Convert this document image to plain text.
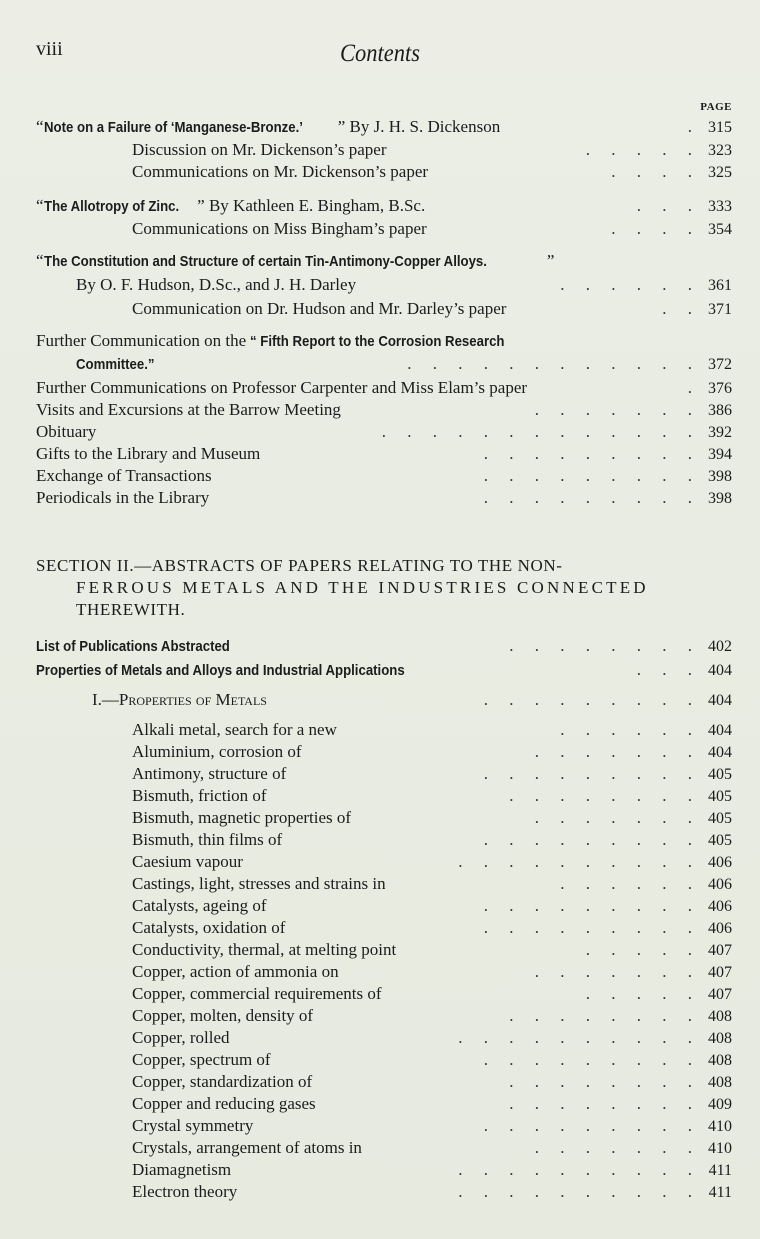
viii	Contents
PAGE
“Note on a Failure of ‘Manganese-Bronze.’ ” By J. H. S. Dickenson	. 315
Discussion on Mr. Dickenson’s paper	.     .     .     .     . 323
Communications on Mr. Dickenson’s paper	.     .     .     . 325
“The Allotropy of Zinc. ” By Kathleen E. Bingham, B.Sc.	.     .     . 333
Communications on Miss Bingham’s paper	.     .     .     . 354
“The Constitution and Structure of certain Tin-Antimony-Copper Alloys.	”
By O. F. Hudson, D.Sc., and J. H. Darley	.     .     .     .     .     . 361
Communication on Dr. Hudson and Mr. Darley’s paper	.     . 371
Further Communication on the “ Fifth Report to the Corrosion Research
Committee.”	.     .     .     .     .     .     .     .     .     .     .     . 372
Further Communications on Professor Carpenter and Miss Elam’s paper	. 376
Visits and Excursions at the Barrow Meeting	.     .     .     .     .     .     . 386
Obituary	.     .     .     .     .     .     .     .     .     .     .     .     . 392
Gifts to the Library and Museum	.     .     .     .     .     .     .     .     . 394
Exchange of Transactions	.     .     .     .     .     .     .     .     . 398
Periodicals in the Library	.     .     .     .     .     .     .     .     . 398
SECTION II.—ABSTRACTS OF PAPERS RELATING TO THE NON-
FERROUS METALS AND THE INDUSTRIES CONNECTED
THEREWITH.
List of Publications Abstracted	.     .     .     .     .     .     .     . 402
Properties of Metals and Alloys and Industrial Applications	.     .     . 404
I.—Properties of Metals	.     .     .     .     .     .     .     .     . 404
Alkali metal, search for a new	.     .     .     .     .     . 404
Aluminium, corrosion of	.     .     .     .     .     .     . 404
Antimony, structure of	.     .     .     .     .     .     .     .     . 405
Bismuth, friction of	.     .     .     .     .     .     .     . 405
Bismuth, magnetic properties of	.     .     .     .     .     .     . 405
Bismuth, thin films of	.     .     .     .     .     .     .     .     . 405
Caesium vapour	.     .     .     .     .     .     .     .     .     . 406
Castings, light, stresses and strains in	.     .     .     .     .     . 406
Catalysts, ageing of	.     .     .     .     .     .     .     .     . 406
Catalysts, oxidation of	.     .     .     .     .     .     .     .     . 406
Conductivity, thermal, at melting point	.     .     .     .     . 407
Copper, action of ammonia on	.     .     .     .     .     .     . 407
Copper, commercial requirements of	.     .     .     .     . 407
Copper, molten, density of	.     .     .     .     .     .     .     . 408
Copper, rolled	.     .     .     .     .     .     .     .     .     . 408
Copper, spectrum of	.     .     .     .     .     .     .     .     . 408
Copper, standardization of	.     .     .     .     .     .     .     . 408
Copper and reducing gases	.     .     .     .     .     .     .     . 409
Crystal symmetry	.     .     .     .     .     .     .     .     . 410
Crystals, arrangement of atoms in	.     .     .     .     .     .     . 410
Diamagnetism	.     .     .     .     .     .     .     .     .     . 411
Electron theory	.     .     .     .     .     .     .     .     .     . 411
